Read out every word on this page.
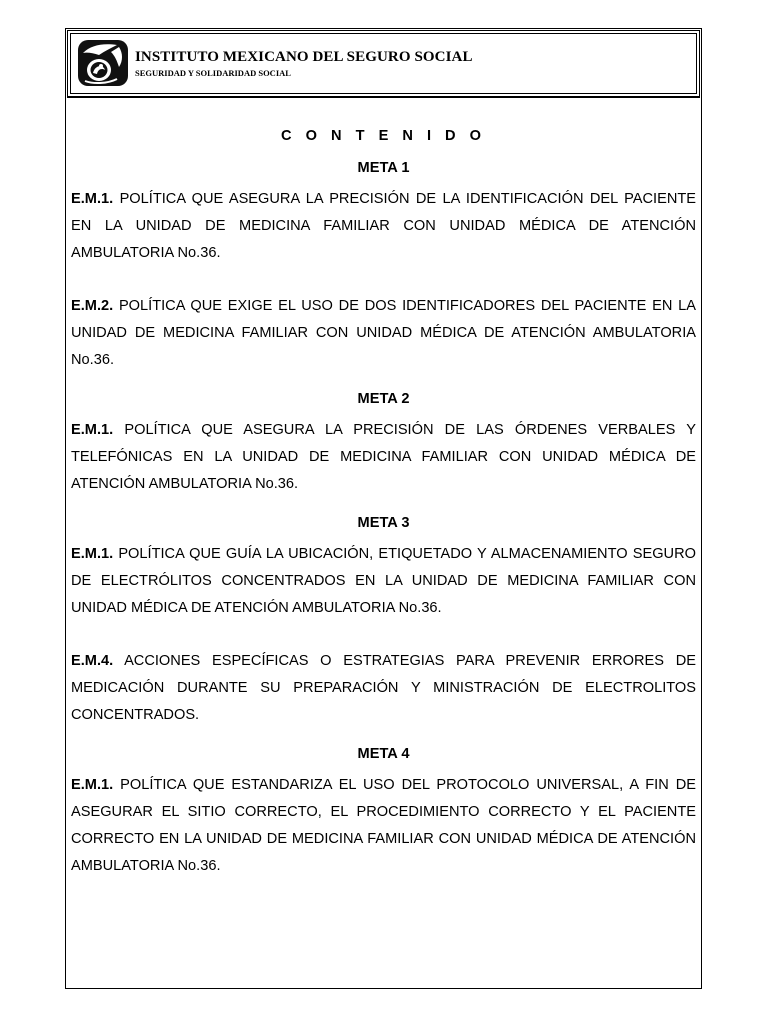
INSTITUTO MEXICANO DEL SEGURO SOCIAL
SEGURIDAD Y SOLIDARIDAD SOCIAL
C O N T E N I D O
META 1

E.M.1. POLÍTICA QUE ASEGURA LA PRECISIÓN DE LA IDENTIFICACIÓN DEL PACIENTE EN LA UNIDAD DE MEDICINA FAMILIAR CON UNIDAD MÉDICA DE ATENCIÓN AMBULATORIA No.36.

E.M.2. POLÍTICA QUE EXIGE EL USO DE DOS IDENTIFICADORES DEL PACIENTE EN LA UNIDAD DE MEDICINA FAMILIAR CON UNIDAD MÉDICA DE ATENCIÓN AMBULATORIA No.36.

META 2

E.M.1. POLÍTICA QUE ASEGURA LA PRECISIÓN DE LAS ÓRDENES VERBALES Y TELEFÓNICAS EN LA UNIDAD DE MEDICINA FAMILIAR CON UNIDAD MÉDICA DE ATENCIÓN AMBULATORIA No.36.

META 3

E.M.1. POLÍTICA QUE GUÍA LA UBICACIÓN, ETIQUETADO Y ALMACENAMIENTO SEGURO DE ELECTRÓLITOS CONCENTRADOS EN LA UNIDAD DE MEDICINA FAMILIAR CON UNIDAD MÉDICA DE ATENCIÓN AMBULATORIA No.36.

E.M.4. ACCIONES ESPECÍFICAS O ESTRATEGIAS PARA PREVENIR ERRORES DE MEDICACIÓN DURANTE SU PREPARACIÓN Y MINISTRACIÓN DE ELECTROLITOS CONCENTRADOS.

META 4

E.M.1. POLÍTICA QUE ESTANDARIZA EL USO DEL PROTOCOLO UNIVERSAL, A FIN DE ASEGURAR EL SITIO CORRECTO, EL PROCEDIMIENTO CORRECTO Y EL PACIENTE CORRECTO EN LA UNIDAD DE MEDICINA FAMILIAR CON UNIDAD MÉDICA DE ATENCIÓN AMBULATORIA No.36.
